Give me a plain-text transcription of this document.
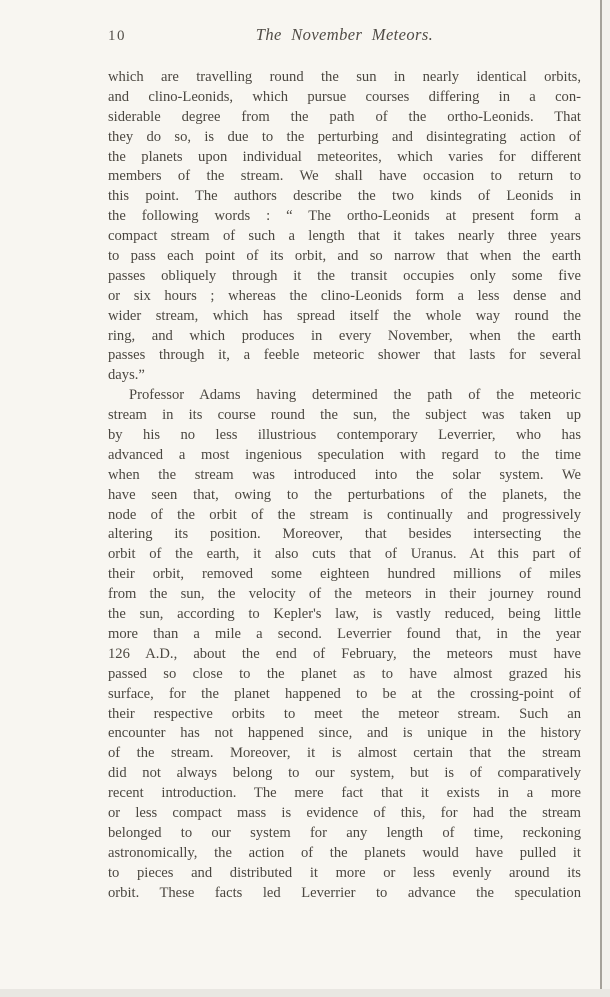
10	The November Meteors.
which are travelling round the sun in nearly identical orbits,
and clino-Leonids, which pursue courses differing in a con-
siderable degree from the path of the ortho-Leonids. That
they do so, is due to the perturbing and disintegrating action of
the planets upon individual meteorites, which varies for different
members of the stream. We shall have occasion to return to
this point. The authors describe the two kinds of Leonids in
the following words : “ The ortho-Leonids at present form a
compact stream of such a length that it takes nearly three years
to pass each point of its orbit, and so narrow that when the earth
passes obliquely through it the transit occupies only some five
or six hours ; whereas the clino-Leonids form a less dense and
wider stream, which has spread itself the whole way round the
ring, and which produces in every November, when the earth
passes through it, a feeble meteoric shower that lasts for several
days.”
Professor Adams having determined the path of the meteoric
stream in its course round the sun, the subject was taken up
by his no less illustrious contemporary Leverrier, who has
advanced a most ingenious speculation with regard to the time
when the stream was introduced into the solar system. We
have seen that, owing to the perturbations of the planets, the
node of the orbit of the stream is continually and progressively
altering its position. Moreover, that besides intersecting the
orbit of the earth, it also cuts that of Uranus. At this part of
their orbit, removed some eighteen hundred millions of miles
from the sun, the velocity of the meteors in their journey round
the sun, according to Kepler's law, is vastly reduced, being little
more than a mile a second. Leverrier found that, in the year
126 A.D., about the end of February, the meteors must have
passed so close to the planet as to have almost grazed his
surface, for the planet happened to be at the crossing-point of
their respective orbits to meet the meteor stream. Such an
encounter has not happened since, and is unique in the history
of the stream. Moreover, it is almost certain that the stream
did not always belong to our system, but is of comparatively
recent introduction. The mere fact that it exists in a more
or less compact mass is evidence of this, for had the stream
belonged to our system for any length of time, reckoning
astronomically, the action of the planets would have pulled it
to pieces and distributed it more or less evenly around its
orbit. These facts led Leverrier to advance the speculation
